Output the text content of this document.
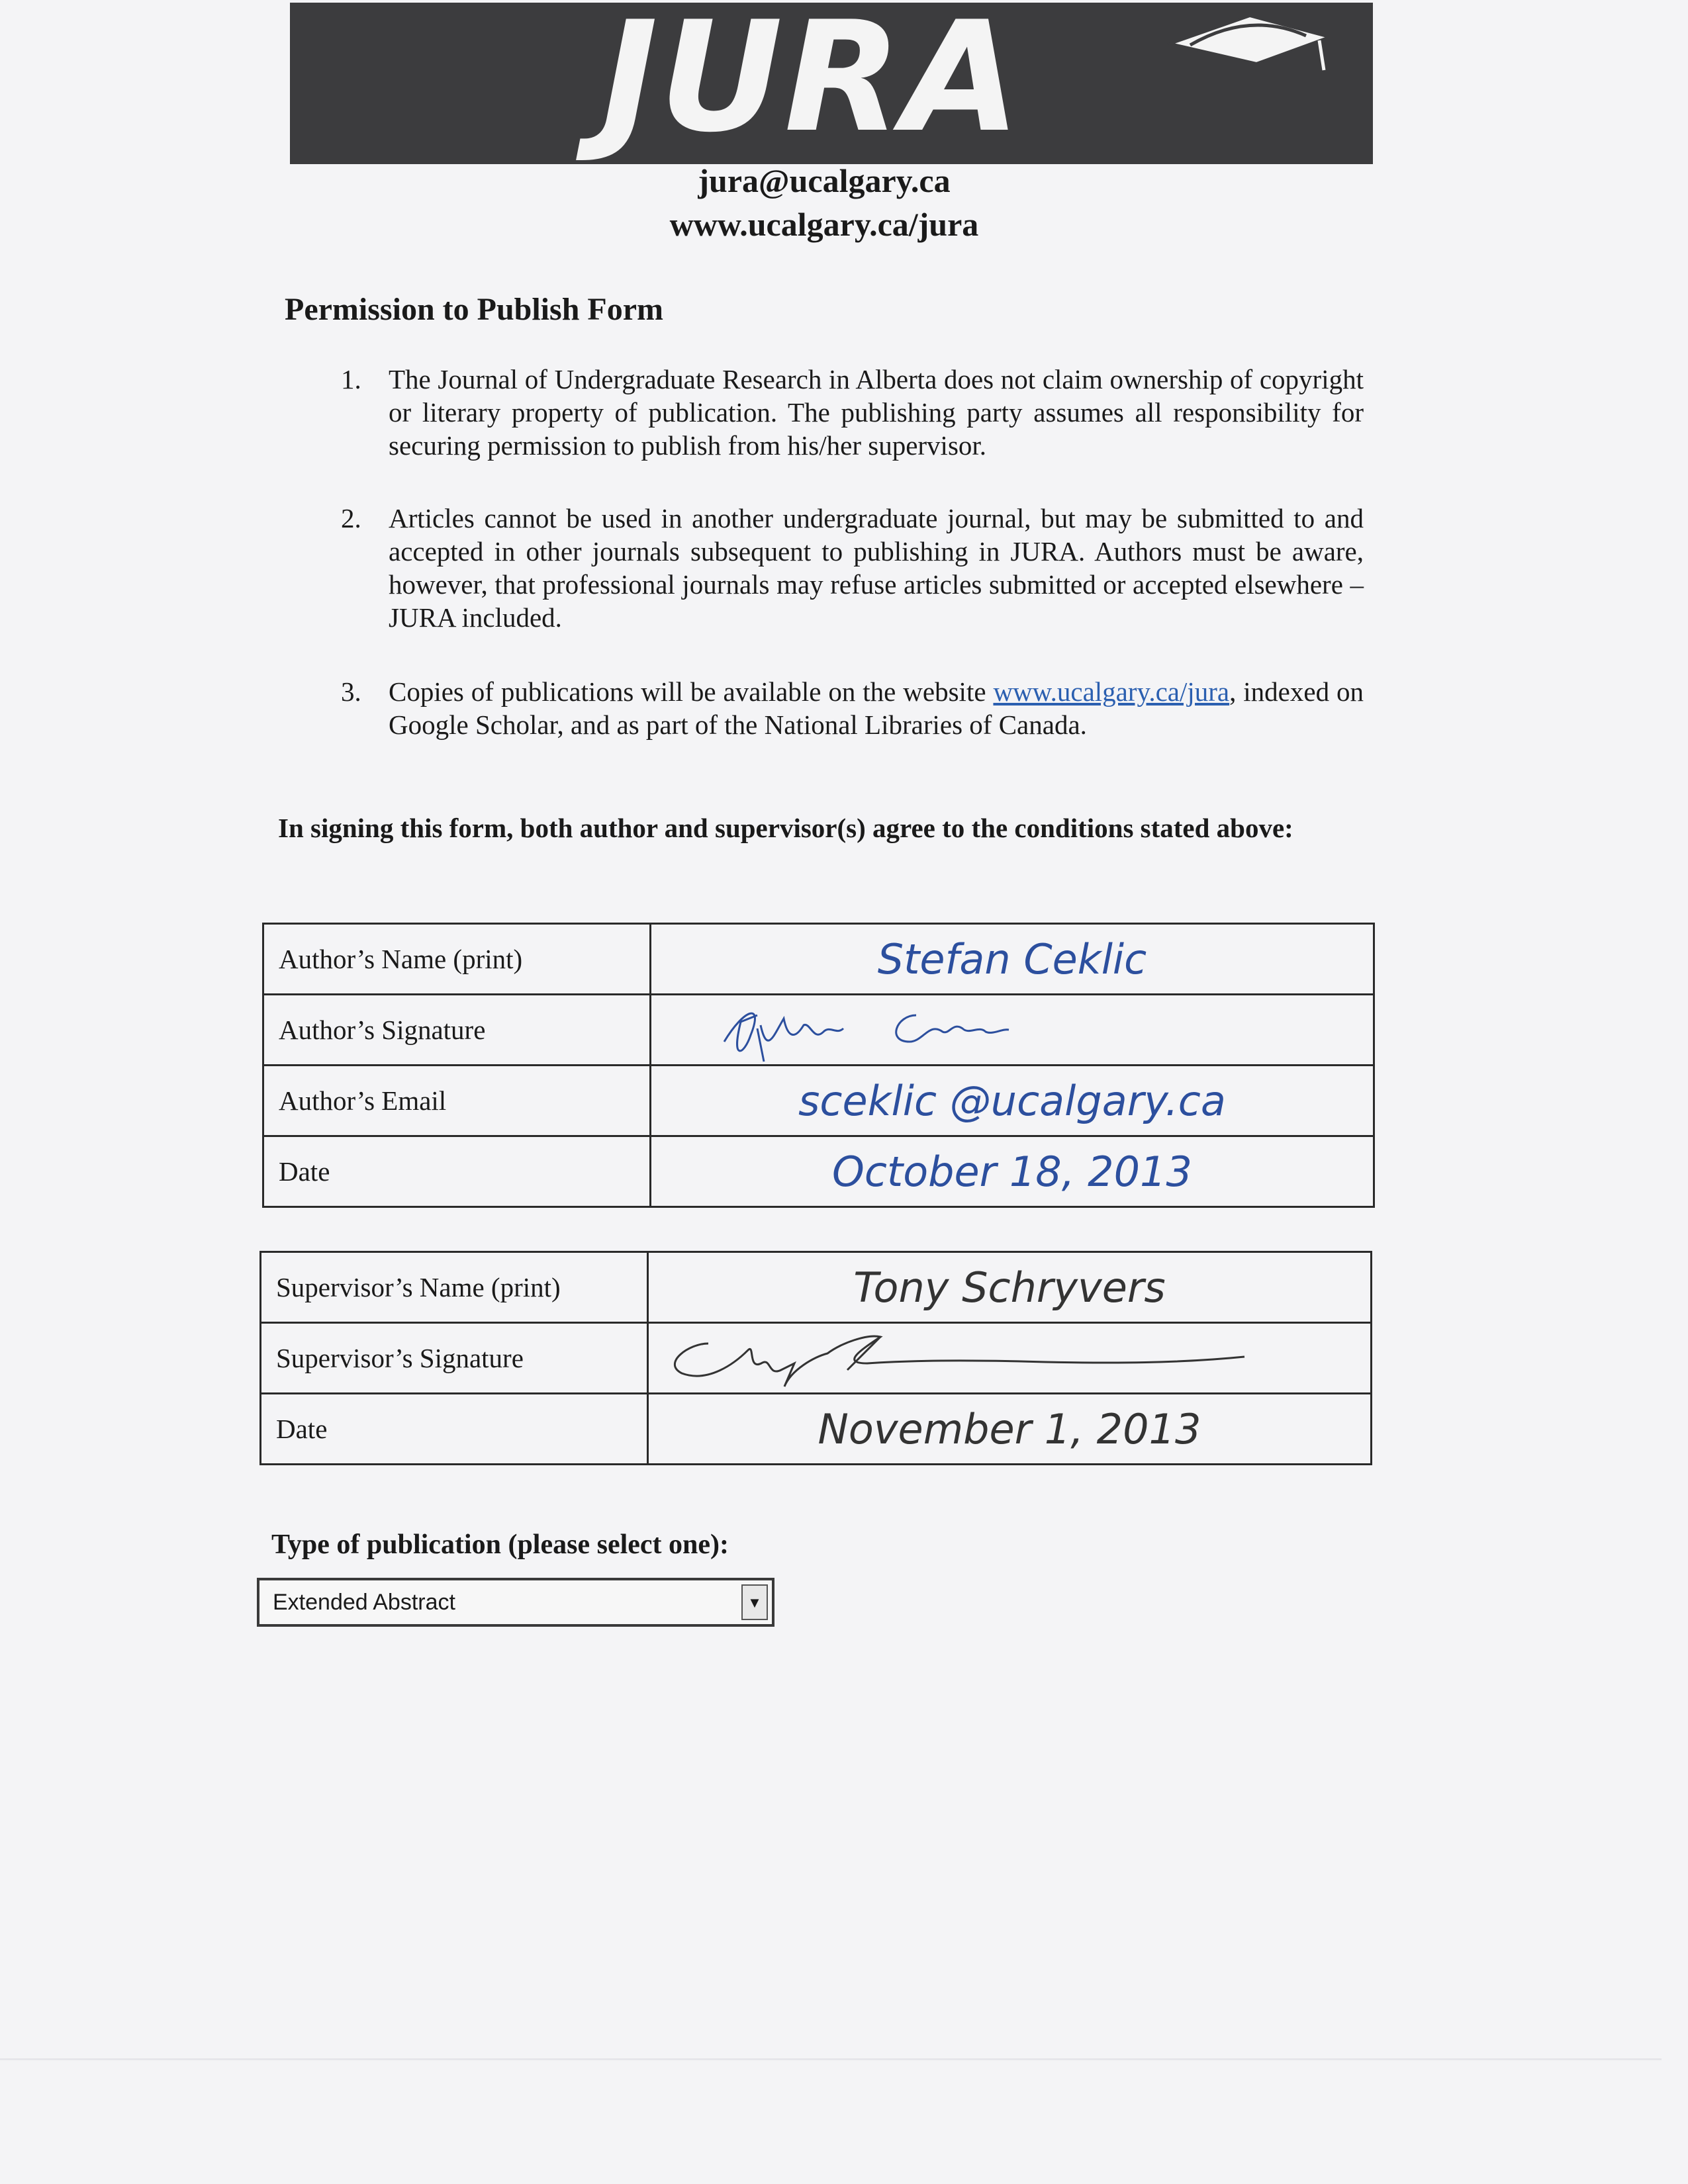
JURA
jura@ucalgary.ca
www.ucalgary.ca/jura
Permission to Publish Form
1.	The Journal of Undergraduate Research in Alberta does not claim ownership of copyright or literary property of publication. The publishing party assumes all responsibility for securing permission to publish from his/her supervisor.
2.	Articles cannot be used in another undergraduate journal, but may be submitted to and accepted in other journals subsequent to publishing in JURA. Authors must be aware, however, that professional journals may refuse articles submitted or accepted elsewhere – JURA included.
3.	Copies of publications will be available on the website www.ucalgary.ca/jura, indexed on Google Scholar, and as part of the National Libraries of Canada.
In signing this form, both author and supervisor(s) agree to the conditions stated above:
Author’s Name (print)	Stefan Ceklic
Author’s Signature	

Author’s Email	sceklic @ucalgary.ca
Date	October 18, 2013
Supervisor’s Name (print)	Tony Schryvers
Supervisor’s Signature	

Date	November 1, 2013
Type of publication (please select one):
Extended Abstract	▼
